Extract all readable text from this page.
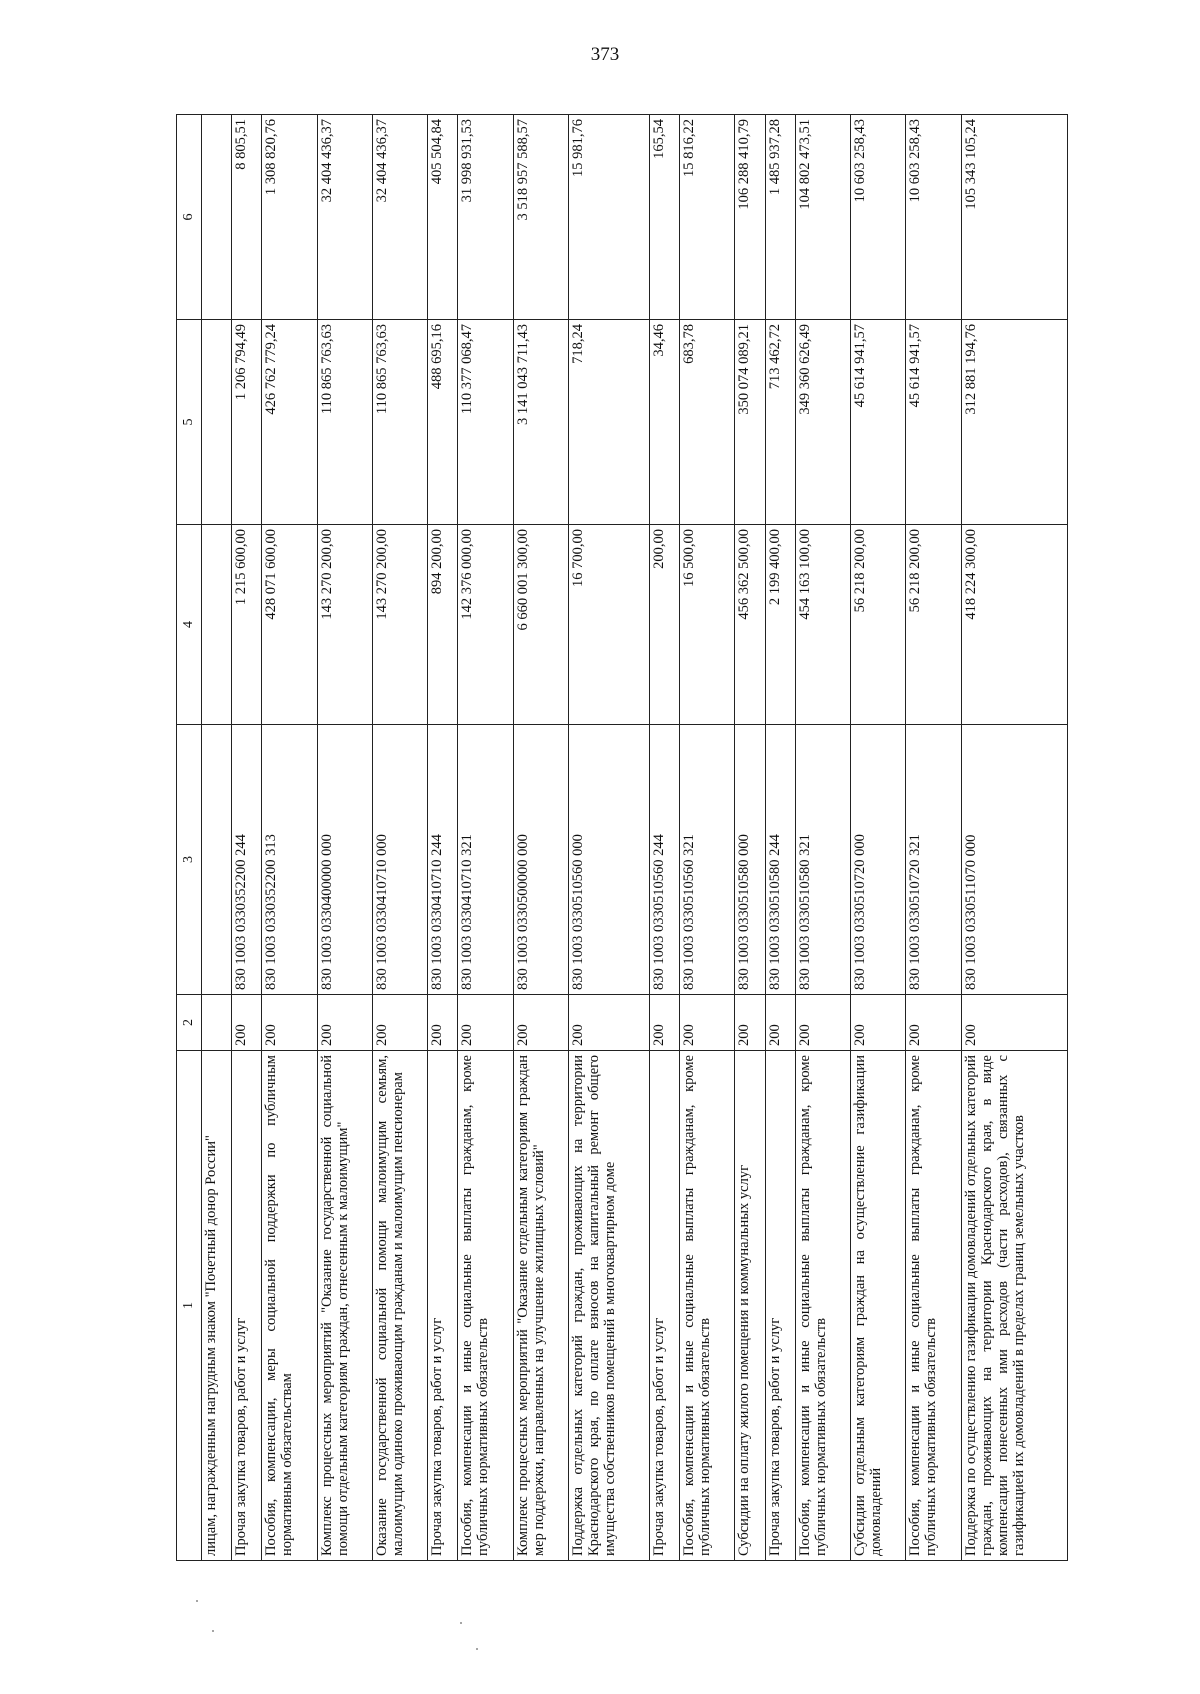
373
1	2	3	4	5	6
лицам, награжденным нагрудным знаком "Почетный донор России"					
Прочая закупка товаров, работ и услуг	200	830 1003 0330352200 244	1 215 600,00	1 206 794,49	8 805,51
Пособия, компенсации, меры социальной поддержки по публичным нормативным обязательствам	200	830 1003 0330352200 313	428 071 600,00	426 762 779,24	1 308 820,76
Комплекс процессных мероприятий "Оказание государственной социальной помощи отдельным категориям граждан, отнесенным к малоимущим"	200	830 1003 0330400000 000	143 270 200,00	110 865 763,63	32 404 436,37
Оказание государственной социальной помощи малоимущим семьям, малоимущим одиноко проживающим гражданам и малоимущим пенсионерам	200	830 1003 0330410710 000	143 270 200,00	110 865 763,63	32 404 436,37
Прочая закупка товаров, работ и услуг	200	830 1003 0330410710 244	894 200,00	488 695,16	405 504,84
Пособия, компенсации и иные социальные выплаты гражданам, кроме публичных нормативных обязательств	200	830 1003 0330410710 321	142 376 000,00	110 377 068,47	31 998 931,53
Комплекс процессных мероприятий "Оказание отдельным категориям граждан мер поддержки, направленных на улучшение жилищных условий"	200	830 1003 0330500000 000	6 660 001 300,00	3 141 043 711,43	3 518 957 588,57
Поддержка отдельных категорий граждан, проживающих на территории Краснодарского края, по оплате взносов на капитальный ремонт общего имущества собственников помещений в многоквартирном доме	200	830 1003 0330510560 000	16 700,00	718,24	15 981,76
Прочая закупка товаров, работ и услуг	200	830 1003 0330510560 244	200,00	34,46	165,54
Пособия, компенсации и иные социальные выплаты гражданам, кроме публичных нормативных обязательств	200	830 1003 0330510560 321	16 500,00	683,78	15 816,22
Субсидии на оплату жилого помещения и коммунальных услуг	200	830 1003 0330510580 000	456 362 500,00	350 074 089,21	106 288 410,79
Прочая закупка товаров, работ и услуг	200	830 1003 0330510580 244	2 199 400,00	713 462,72	1 485 937,28
Пособия, компенсации и иные социальные выплаты гражданам, кроме публичных нормативных обязательств	200	830 1003 0330510580 321	454 163 100,00	349 360 626,49	104 802 473,51
Субсидии отдельным категориям граждан на осуществление газификации домовладений	200	830 1003 0330510720 000	56 218 200,00	45 614 941,57	10 603 258,43
Пособия, компенсации и иные социальные выплаты гражданам, кроме публичных нормативных обязательств	200	830 1003 0330510720 321	56 218 200,00	45 614 941,57	10 603 258,43
Поддержка по осуществлению газификации домовладений отдельных категорий граждан, проживающих на территории Краснодарского края, в виде компенсации понесенных ими расходов (части расходов), связанных с газификацией их домовладений в пределах границ земельных участков	200	830 1003 0330511070 000	418 224 300,00	312 881 194,76	105 343 105,24
